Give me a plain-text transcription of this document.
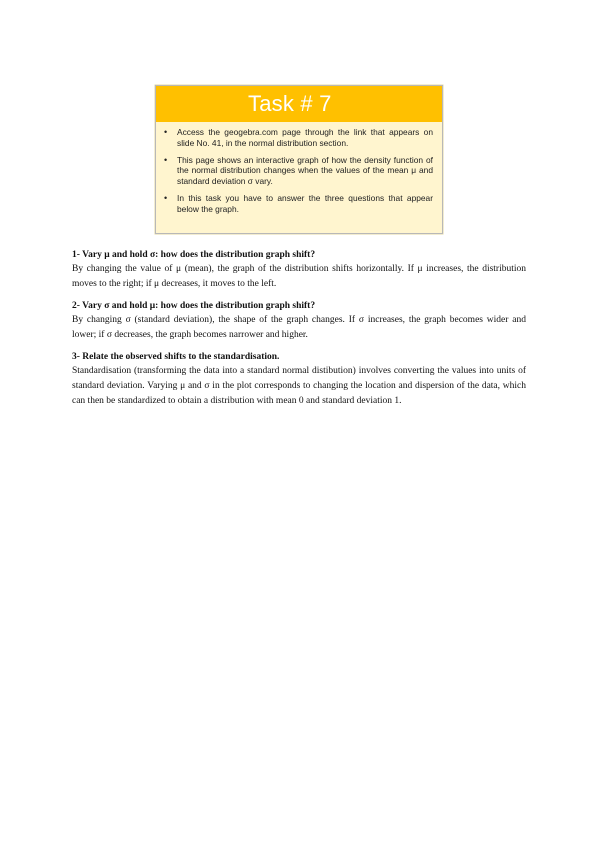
Task # 7
•	Access the geogebra.com page through the link that appears on slide No. 41, in the normal distribution section.
•	This page shows an interactive graph of how the density function of the normal distribution changes when the values of the mean μ and standard deviation σ vary.
•	In this task you have to answer the three questions that appear below the graph.

1- Vary μ and hold σ: how does the distribution graph shift?

By changing the value of μ (mean), the graph of the distribution shifts horizontally. If μ increases, the distribution moves to the right; if μ decreases, it moves to the left.

2- Vary σ and hold μ: how does the distribution graph shift?

By changing σ (standard deviation), the shape of the graph changes. If σ increases, the graph becomes wider and lower; if σ decreases, the graph becomes narrower and higher.

3- Relate the observed shifts to the standardisation.

Standardisation (transforming the data into a standard normal distibution) involves converting the values into units of standard deviation. Varying μ and σ in the plot corresponds to changing the location and dispersion of the data, which can then be standardized to obtain a distribution with mean 0 and standard deviation 1.
